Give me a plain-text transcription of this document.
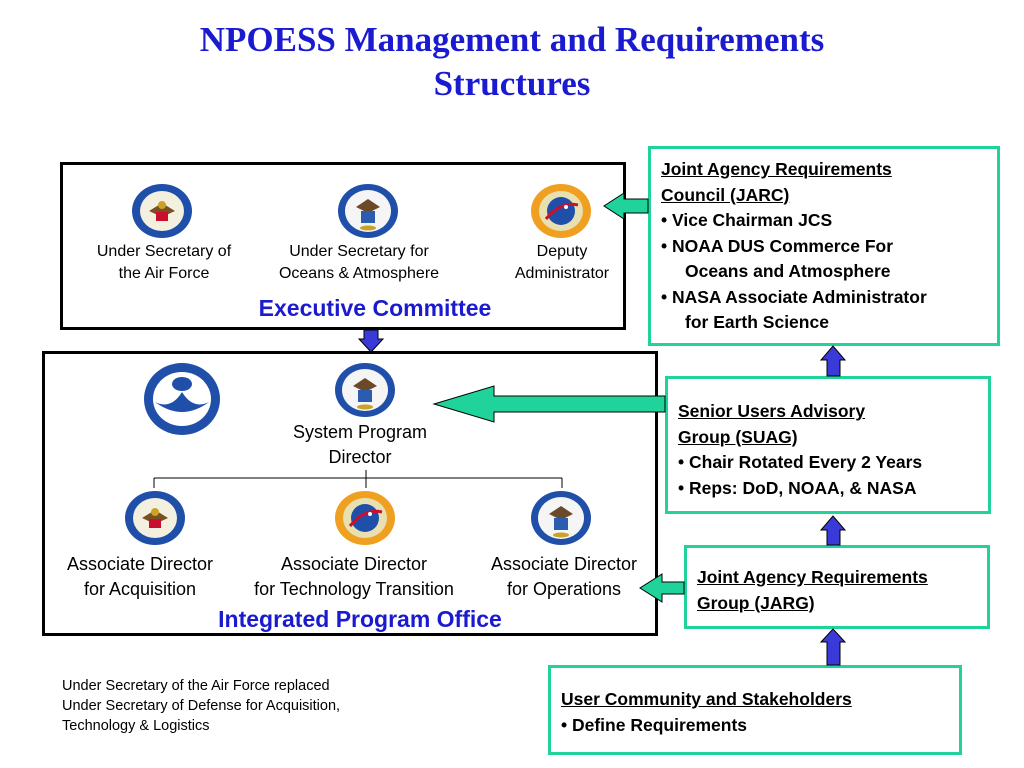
NPOESS Management and Requirements
Structures
Under Secretary of
the Air Force
Under Secretary for
Oceans & Atmosphere
Deputy
Administrator
Executive Committee
System Program
Director
Associate Director
for Acquisition
Associate Director
for Technology Transition
Associate Director
for Operations
Integrated Program Office
Joint Agency Requirements
Council (JARC)
• Vice Chairman JCS
• NOAA DUS Commerce For
Oceans and Atmosphere
• NASA Associate Administrator
for Earth Science
Senior Users Advisory
Group (SUAG)
• Chair Rotated Every 2 Years
• Reps: DoD, NOAA, & NASA
Joint Agency Requirements
Group (JARG)
User Community and Stakeholders
• Define Requirements
Under Secretary of the Air Force replaced
Under Secretary of Defense for Acquisition,
Technology & Logistics
